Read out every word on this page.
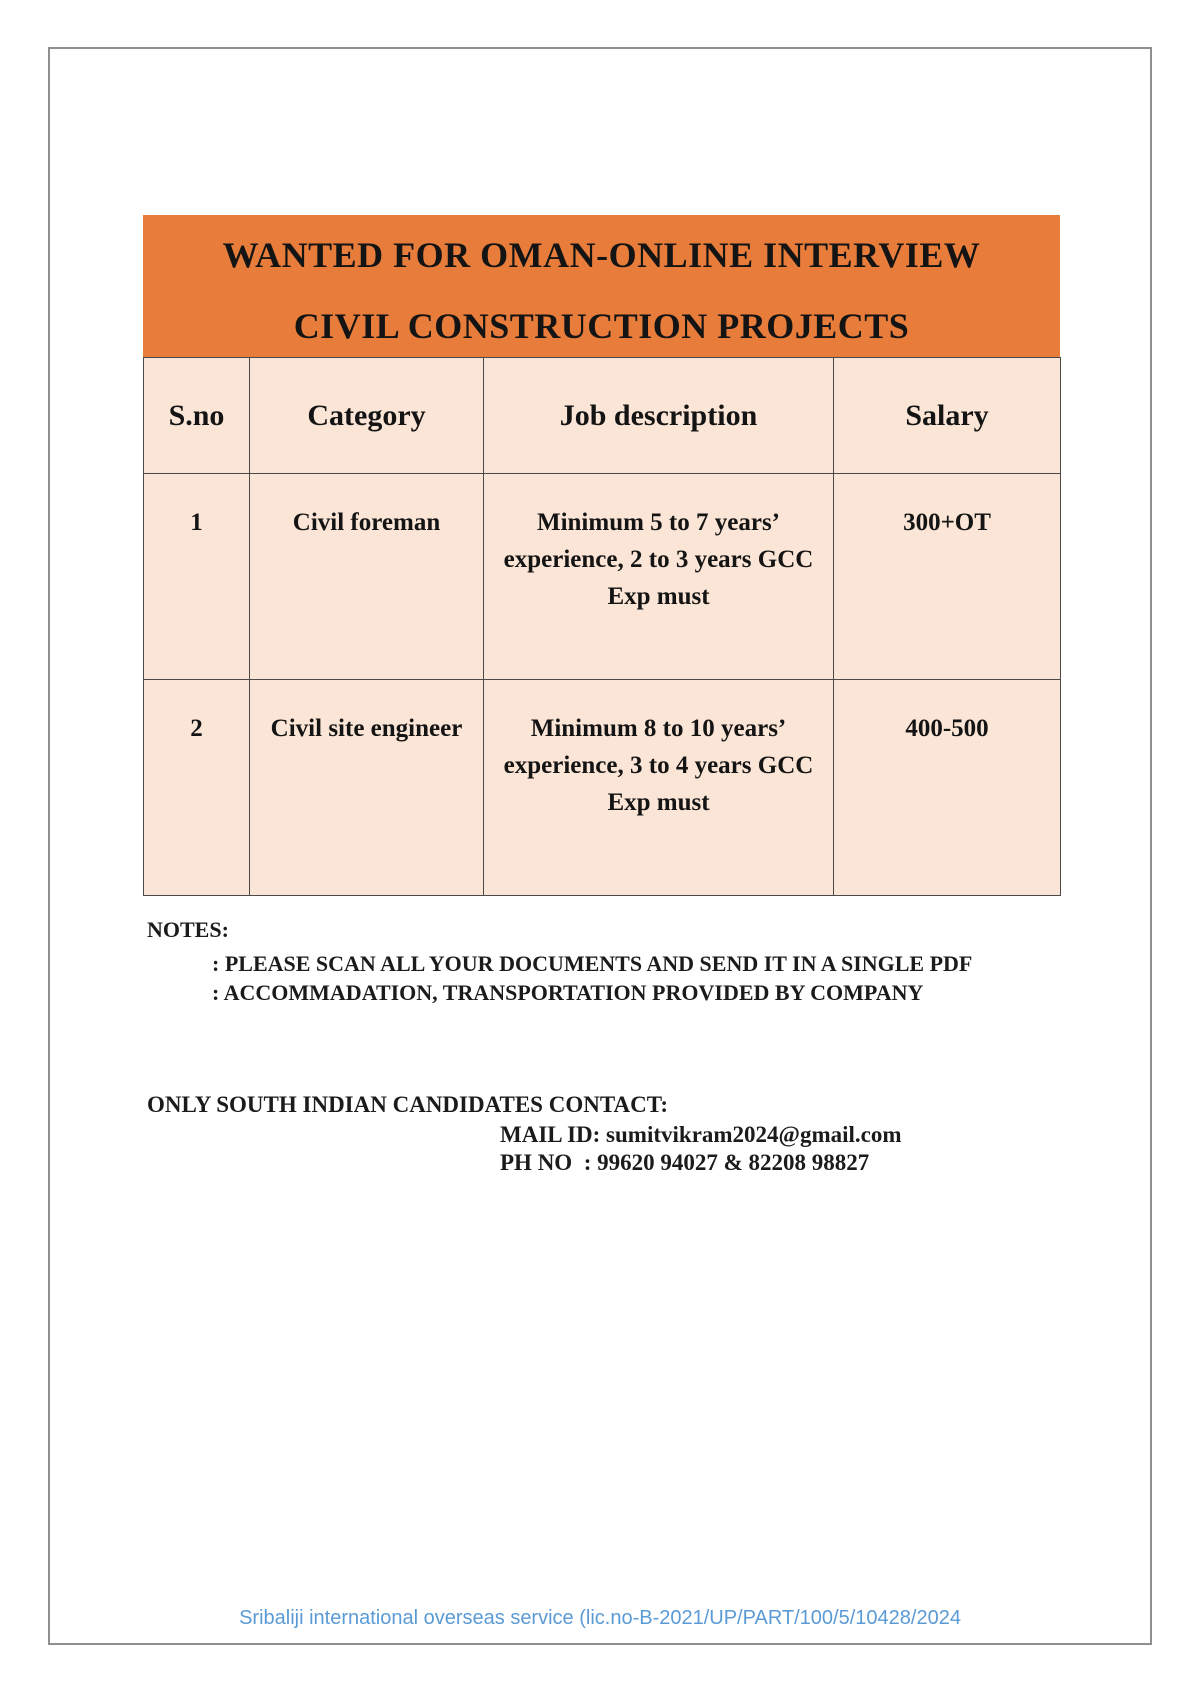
WANTED FOR OMAN-ONLINE INTERVIEW
CIVIL CONSTRUCTION PROJECTS
S.no	Category	Job description	Salary
1	Civil foreman	Minimum 5 to 7 years’ experience, 2 to 3 years GCC Exp must	300+OT
2	Civil site engineer	Minimum 8 to 10 years’ experience, 3 to 4 years GCC Exp must	400-500
NOTES:
: PLEASE SCAN ALL YOUR DOCUMENTS AND SEND IT IN A SINGLE PDF
: ACCOMMADATION, TRANSPORTATION PROVIDED BY COMPANY
ONLY SOUTH INDIAN CANDIDATES CONTACT:
MAIL ID: sumitvikram2024@gmail.com
PH NO  : 99620 94027 & 82208 98827
Sribaliji international overseas service (lic.no-B-2021/UP/PART/100/5/10428/2024
